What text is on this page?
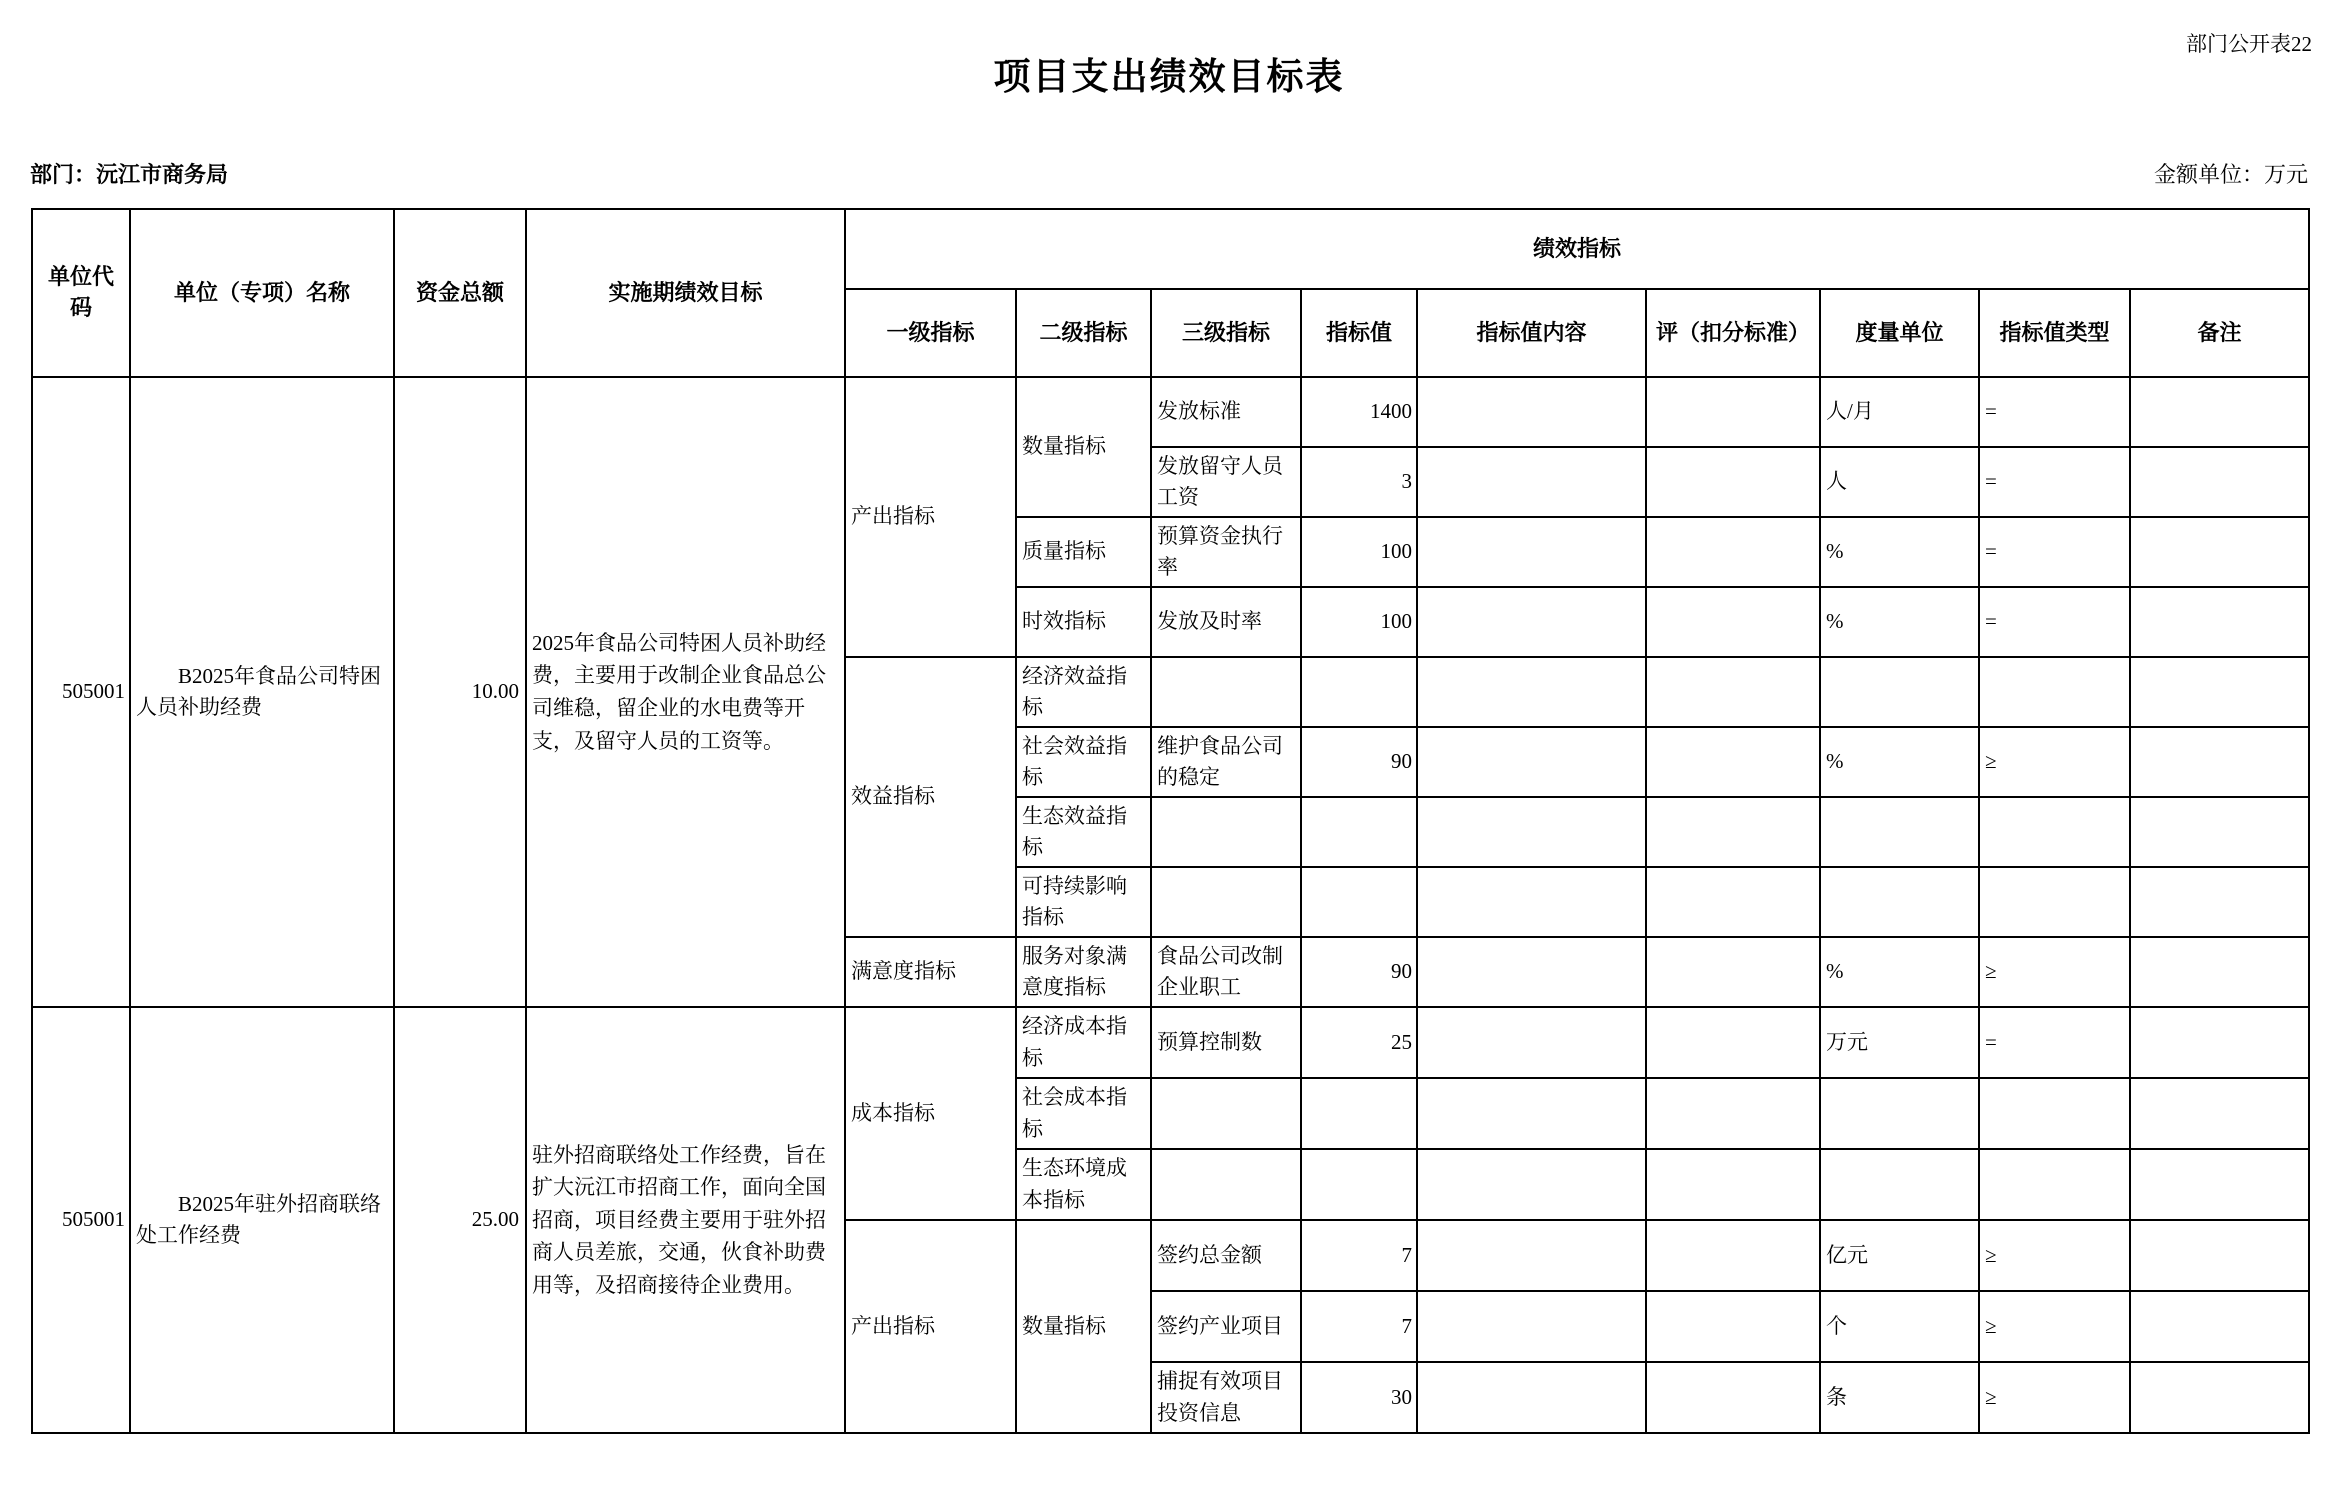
部门公开表22
项目支出绩效目标表
部门：沅江市商务局	金额单位：万元
单位代码	单位（专项）名称	资金总额	实施期绩效目标	绩效指标								
				一级指标	二级指标	三级指标	指标值	指标值内容	评（扣分标准）	度量单位	指标值类型	备注
505001	B2025年食品公司特困人员补助经费	10.00	2025年食品公司特困人员补助经费，主要用于改制企业食品总公司维稳，留企业的水电费等开支，及留守人员的工资等。	产出指标	数量指标	发放标准	1400			人/月	=	
						发放留守人员工资	3			人	=	
					质量指标	预算资金执行率	100			%	=	
					时效指标	发放及时率	100			%	=	
				效益指标	经济效益指标							
					社会效益指标	维护食品公司的稳定	90			%	≥	
					生态效益指标							
					可持续影响指标							
				满意度指标	服务对象满意度指标	食品公司改制企业职工	90			%	≥	
505001	B2025年驻外招商联络处工作经费	25.00	驻外招商联络处工作经费，旨在扩大沅江市招商工作，面向全国招商，项目经费主要用于驻外招商人员差旅，交通，伙食补助费用等，及招商接待企业费用。	成本指标	经济成本指标	预算控制数	25			万元	=	
					社会成本指标							
					生态环境成本指标							
				产出指标	数量指标	签约总金额	7			亿元	≥	
						签约产业项目	7			个	≥	
						捕捉有效项目投资信息	30			条	≥	
